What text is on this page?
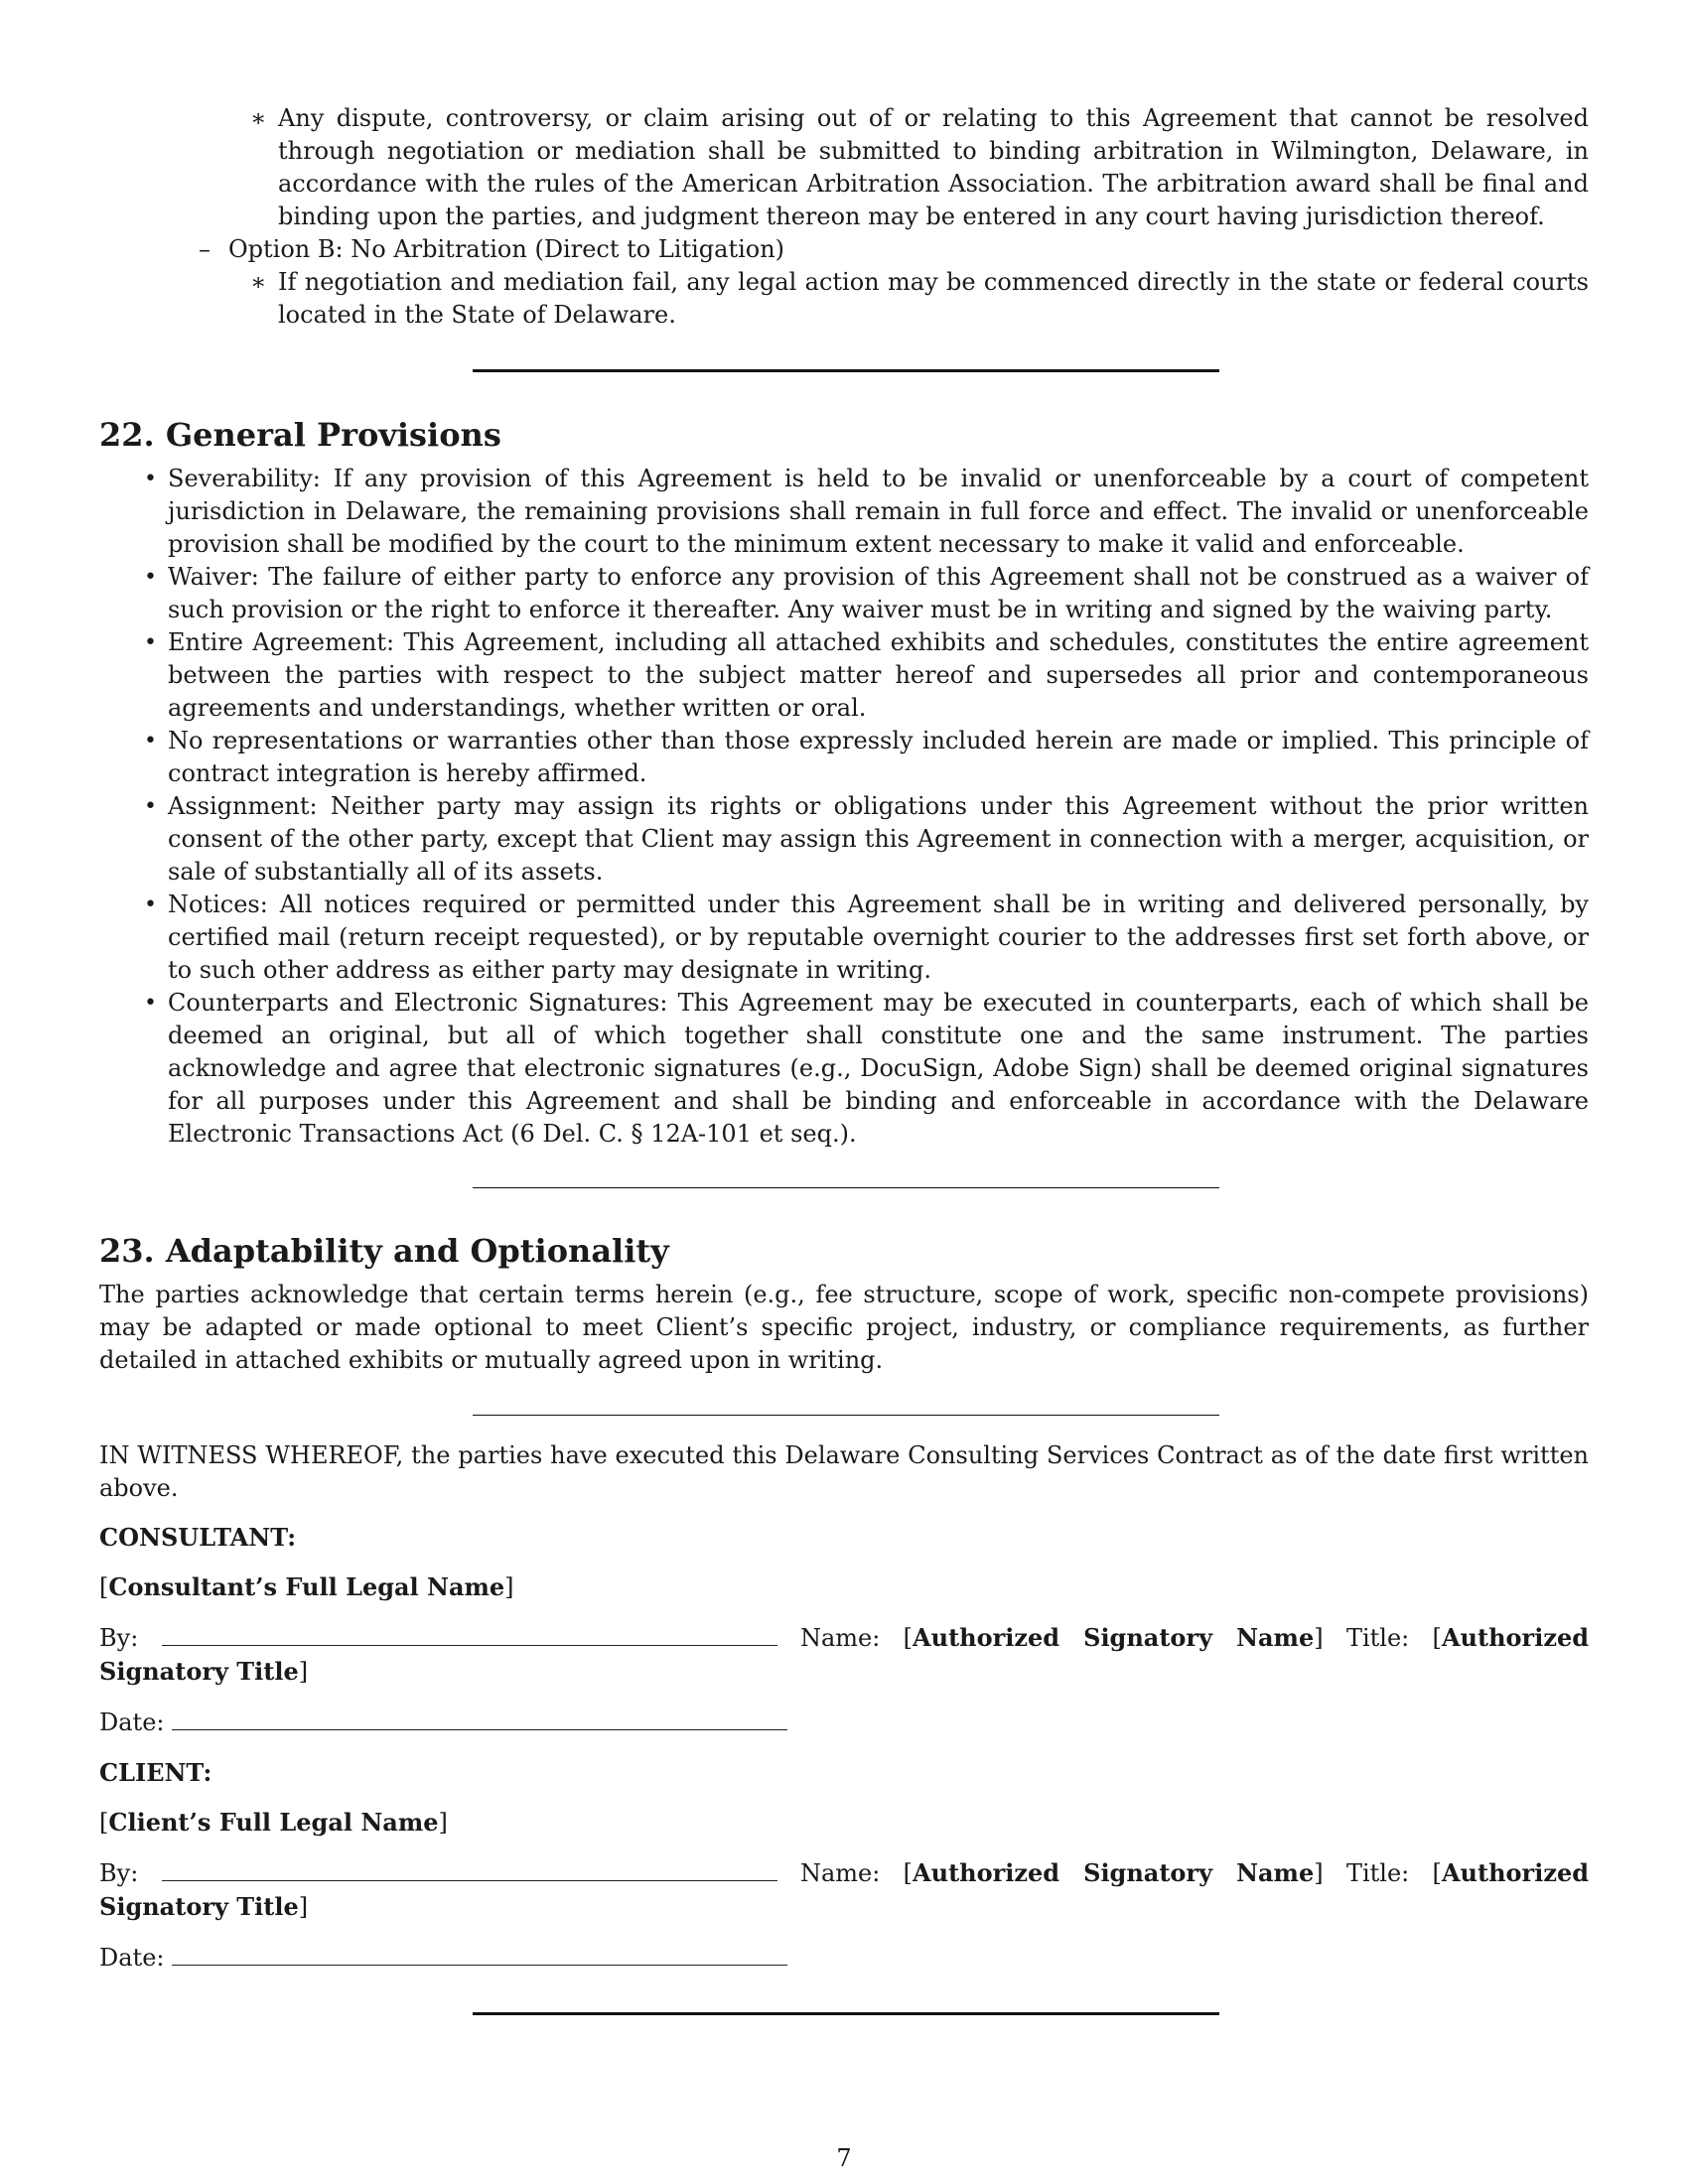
∗ Any dispute, controversy, or claim arising out of or relating to this Agreement that cannot be resolved through negotiation or mediation shall be submitted to binding arbitration in Wilmington, Delaware, in accordance with the rules of the American Arbitration Association. The arbitration award shall be final and binding upon the parties, and judgment thereon may be entered in any court having jurisdiction thereof.

– Option B: No Arbitration (Direct to Litigation)

∗ If negotiation and mediation fail, any legal action may be commenced directly in the state or federal courts located in the State of Delaware.

22. General Provisions
• Severability: If any provision of this Agreement is held to be invalid or unenforceable by a court of competent jurisdiction in Delaware, the remaining provisions shall remain in full force and effect. The invalid or unenforceable provision shall be modified by the court to the minimum extent necessary to make it valid and enforceable.
• Waiver: The failure of either party to enforce any provision of this Agreement shall not be construed as a waiver of such provision or the right to enforce it thereafter. Any waiver must be in writing and signed by the waiving party.
• Entire Agreement: This Agreement, including all attached exhibits and schedules, constitutes the entire agreement between the parties with respect to the subject matter hereof and supersedes all prior and contemporaneous agreements and understandings, whether written or oral.
• No representations or warranties other than those expressly included herein are made or implied. This principle of contract integration is hereby affirmed.
• Assignment: Neither party may assign its rights or obligations under this Agreement without the prior written consent of the other party, except that Client may assign this Agreement in connection with a merger, acquisition, or sale of substantially all of its assets.
• Notices: All notices required or permitted under this Agreement shall be in writing and delivered personally, by certified mail (return receipt requested), or by reputable overnight courier to the addresses first set forth above, or to such other address as either party may designate in writing.
• Counterparts and Electronic Signatures: This Agreement may be executed in counterparts, each of which shall be deemed an original, but all of which together shall constitute one and the same instrument. The parties acknowledge and agree that electronic signatures (e.g., DocuSign, Adobe Sign) shall be deemed original signatures for all purposes under this Agreement and shall be binding and enforceable in accordance with the Delaware Electronic Transactions Act (6 Del. C. § 12A-101 et seq.).
23. Adaptability and Optionality

The parties acknowledge that certain terms herein (e.g., fee structure, scope of work, specific non-compete provisions) may be adapted or made optional to meet Client’s specific project, industry, or compliance requirements, as further detailed in attached exhibits or mutually agreed upon in writing.

IN WITNESS WHEREOF, the parties have executed this Delaware Consulting Services Contract as of the date first written above.

CONSULTANT:

[Consultant’s Full Legal Name]

By:	Name: [Authorized Signatory Name] Title: [Authorized Signatory Title]

Date:

CLIENT:

[Client’s Full Legal Name]

By:	Name: [Authorized Signatory Name] Title: [Authorized Signatory Title]

Date:

7
